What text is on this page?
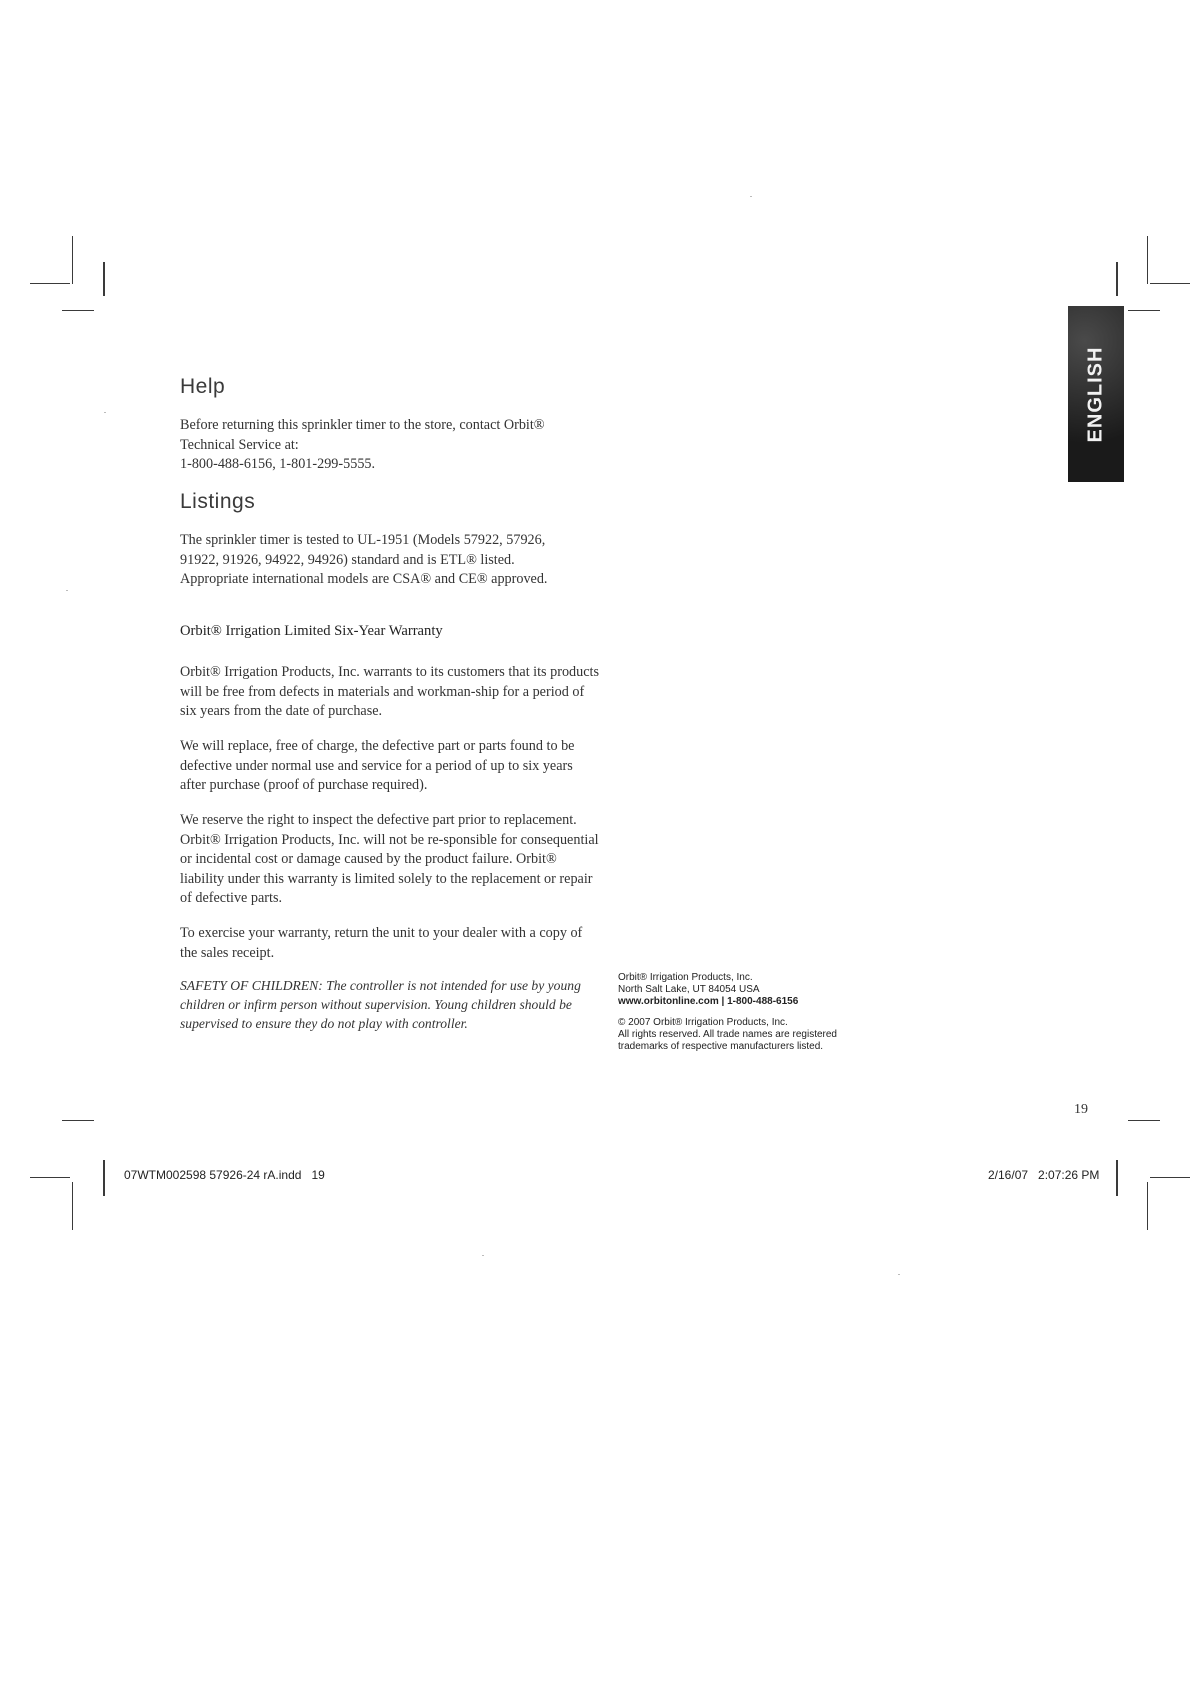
ENGLISH
Help

Before returning this sprinkler timer to the store, contact Orbit®

Technical Service at:

1-800-488-6156, 1-801-299-5555.

Listings
The sprinkler timer is tested to UL-1951 (Models 57922, 57926, 91922, 91926, 94922, 94926) standard and is ETL® listed. Appropriate international models are CSA® and CE® approved.
Orbit® Irrigation Limited Six-Year Warranty
Orbit® Irrigation Products, Inc. warrants to its customers that its products will be free from defects in materials and workman-ship for a period of six years from the date of purchase.
We will replace, free of charge, the defective part or parts found to be defective under normal use and service for a period of up to six years after purchase (proof of purchase required).
We reserve the right to inspect the defective part prior to replacement. Orbit® Irrigation Products, Inc. will not be re-sponsible for consequential or incidental cost or damage caused by the product failure. Orbit® liability under this warranty is limited solely to the replacement or repair of defective parts.
To exercise your warranty, return the unit to your dealer with a copy of the sales receipt.
SAFETY OF CHILDREN: The controller is not intended for use by young children or infirm person without supervision. Young children should be supervised to ensure they do not play with controller.
Orbit® Irrigation Products, Inc.
North Salt Lake, UT 84054 USA
www.orbitonline.com | 1-800-488-6156
© 2007 Orbit® Irrigation Products, Inc.
All rights reserved. All trade names are registered
trademarks of respective manufacturers listed.
19
07WTM002598 57926-24 rA.indd   19	2/16/07   2:07:26 PM
